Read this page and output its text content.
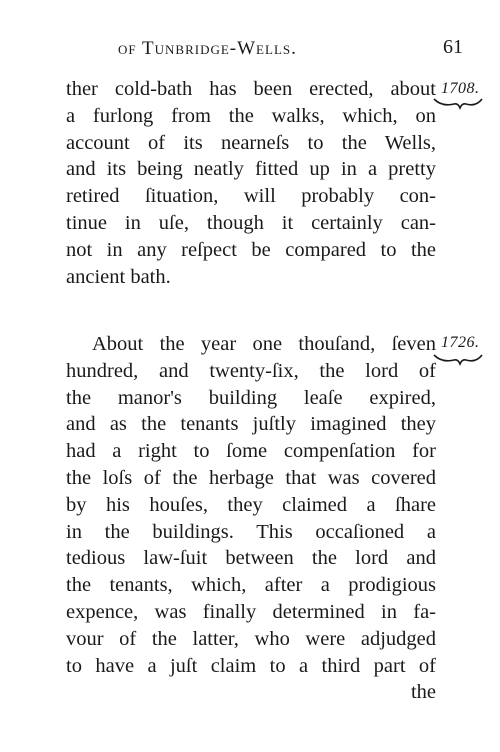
of Tunbridge-Wells.	61
ther cold-bath has been erected, about
a furlong from the walks, which, on
account of its nearneſs to the Wells,
and its being neatly fitted up in a pretty
retired ſituation, will probably con-
tinue in uſe, though it certainly can-
not in any reſpect be compared to the
ancient bath.
About the year one thouſand, ſeven
hundred, and twenty-ſix, the lord of
the manor's building leaſe expired,
and as the tenants juſtly imagined they
had a right to ſome compenſation for
the loſs of the herbage that was covered
by his houſes, they claimed a ſhare
in the buildings. This occaſioned a
tedious law-ſuit between the lord and
the tenants, which, after a prodigious
expence, was finally determined in fa-
vour of the latter, who were adjudged
to have a juſt claim to a third part of
the
1708.
1726.
